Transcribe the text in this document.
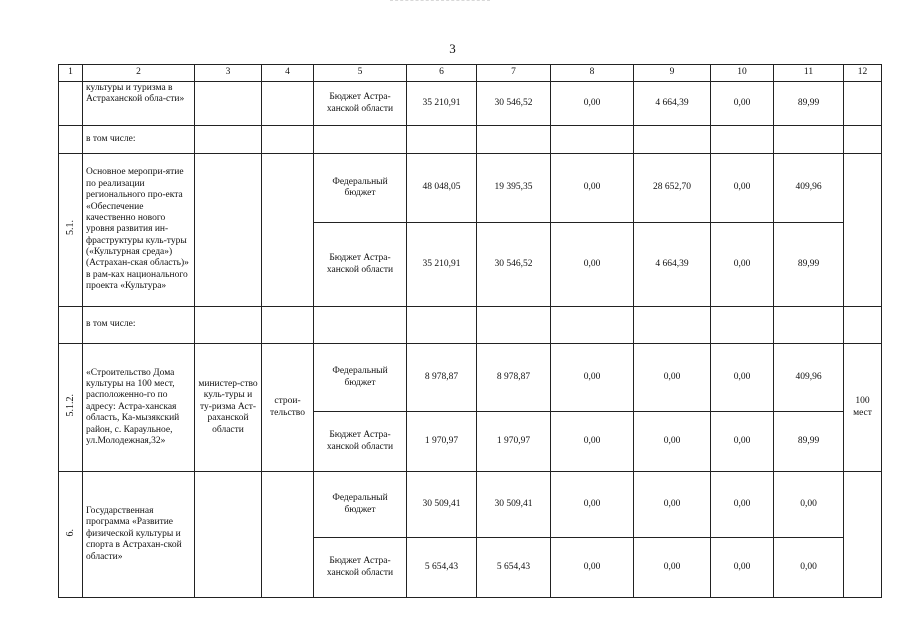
3
1	2	3	4	5	6	7	8	9	10	11	12
	культуры и туризма в Астраханской обла-сти»			Бюджет Астра-ханской области	35 210,91	30 546,52	0,00	4 664,39	0,00	89,99	
	в том числе:										
5.1.	Основное меропри-ятие по реализации регионального про-екта «Обеспечение качественно нового уровня развития ин-фраструктуры куль-туры («Культурная среда») (Астрахан-ская область)» в рам-ках национального проекта «Культура»			Федеральный бюджет	48 048,05	19 395,35	0,00	28 652,70	0,00	409,96	
				Бюджет Астра-ханской области	35 210,91	30 546,52	0,00	4 664,39	0,00	89,99	
	в том числе:										
5.1.2.	«Строительство Дома культуры на 100 мест, расположенно-го по адресу: Астра-ханская область, Ка-мызякский район, с. Караульное, ул.Молодежная,32»	министер-ство куль-туры и ту-ризма Аст-раханской области	строи-тельство	Федеральный бюджет	8 978,87	8 978,87	0,00	0,00	0,00	409,96	100 мест
				Бюджет Астра-ханской области	1 970,97	1 970,97	0,00	0,00	0,00	89,99	
6.	Государственная программа «Развитие физической культуры и спорта в Астрахан-ской области»			Федеральный бюджет	30 509,41	30 509,41	0,00	0,00	0,00	0,00	
				Бюджет Астра-ханской области	5 654,43	5 654,43	0,00	0,00	0,00	0,00	
